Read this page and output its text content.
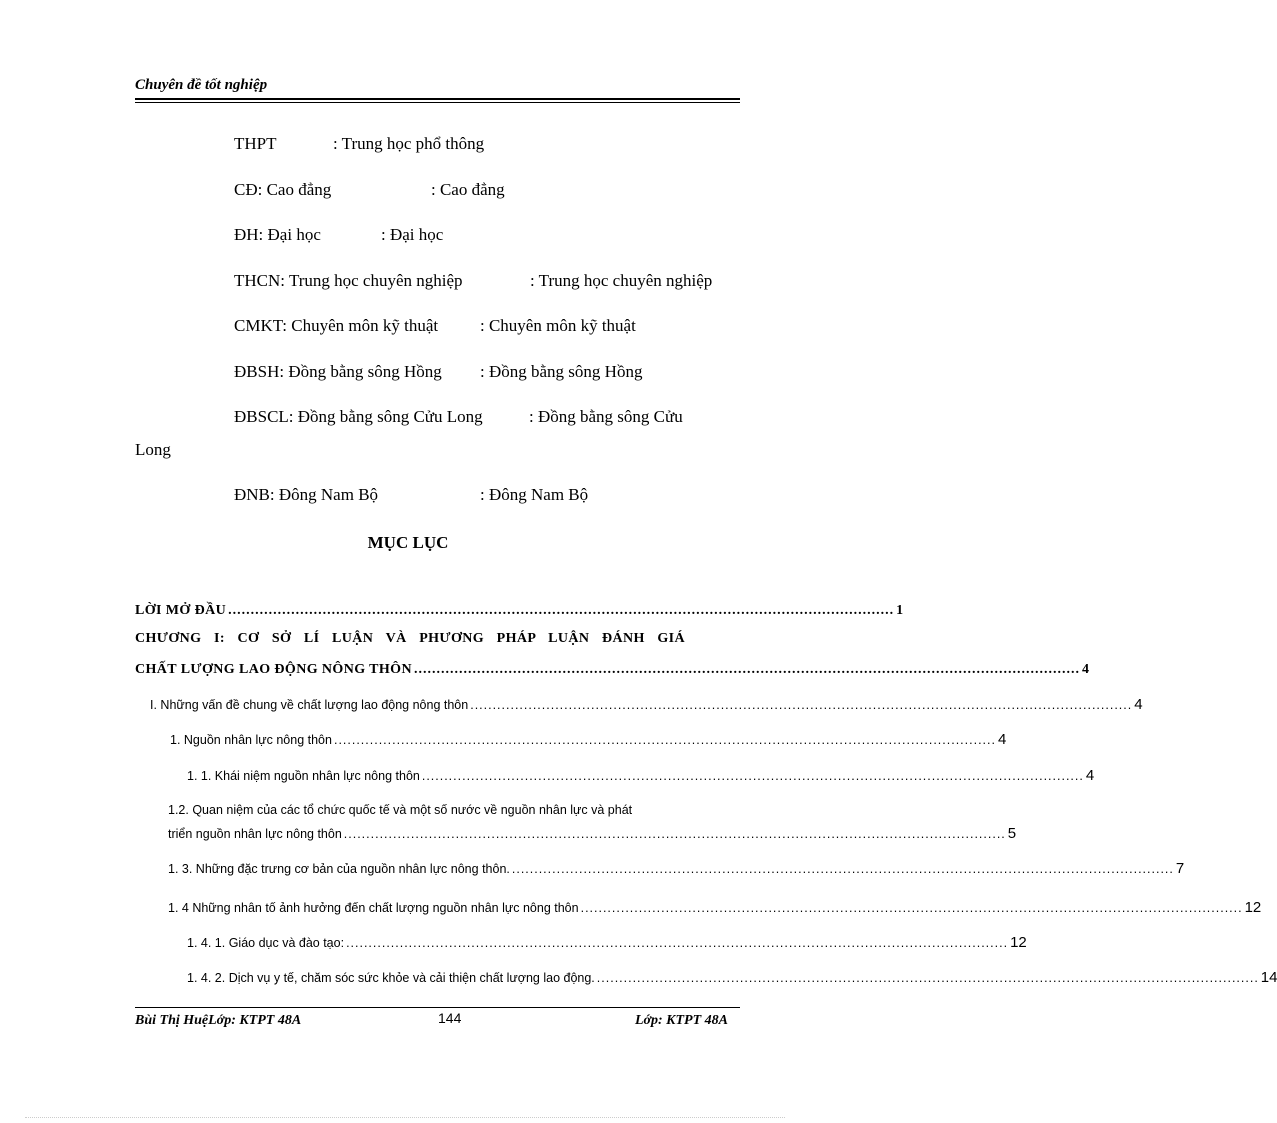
Chuyên đề tốt nghiệp
THPT	: Trung học phổ thông
CĐ: Cao đẳng	: Cao đẳng
ĐH: Đại học	: Đại học
THCN: Trung học chuyên nghiệp	: Trung học chuyên nghiệp
CMKT: Chuyên môn kỹ thuật : Chuyên môn kỹ thuật
ĐBSH: Đồng bằng sông Hồng : Đồng bằng sông Hồng
ĐBSCL: Đồng bằng sông Cửu Long	: Đồng bằng sông Cửu
Long
ĐNB: Đông Nam Bộ	: Đông Nam Bộ
MỤC LỤC
LỜI MỞ ĐẦU .................................................................................................................................................... 1
CHƯƠNG I: CƠ SỞ LÍ LUẬN VÀ PHƯƠNG PHÁP LUẬN ĐÁNH GIÁ
CHẤT LƯỢNG LAO ĐỘNG NÔNG THÔN .................................................................................................................................................... 4
I. Những vấn đề chung về chất lượng lao động nông thôn .................................................................................................................................................... 4
1. Nguồn nhân lực nông thôn .................................................................................................................................................... 4
1. 1. Khái niệm nguồn nhân lực nông thôn .................................................................................................................................................... 4
1.2. Quan niệm của các tổ chức quốc tế và một số nước về nguồn nhân lực và phát
triển nguồn nhân lực nông thôn .................................................................................................................................................... 5
1. 3. Những đặc trưng cơ bản của nguồn nhân lực nông thôn. .................................................................................................................................................... 7
1. 4 Những nhân tố ảnh hưởng đến chất lượng nguồn nhân lực nông thôn .................................................................................................................................................... 12
1. 4. 1. Giáo dục và đào tạo: .................................................................................................................................................... 12
1. 4. 2. Dịch vụ y tế, chăm sóc sức khỏe và cải thiện chất lượng lao động. .................................................................................................................................................... 14
Bùi Thị HuệLớp: KTPT 48A	144	Lớp: KTPT 48A
